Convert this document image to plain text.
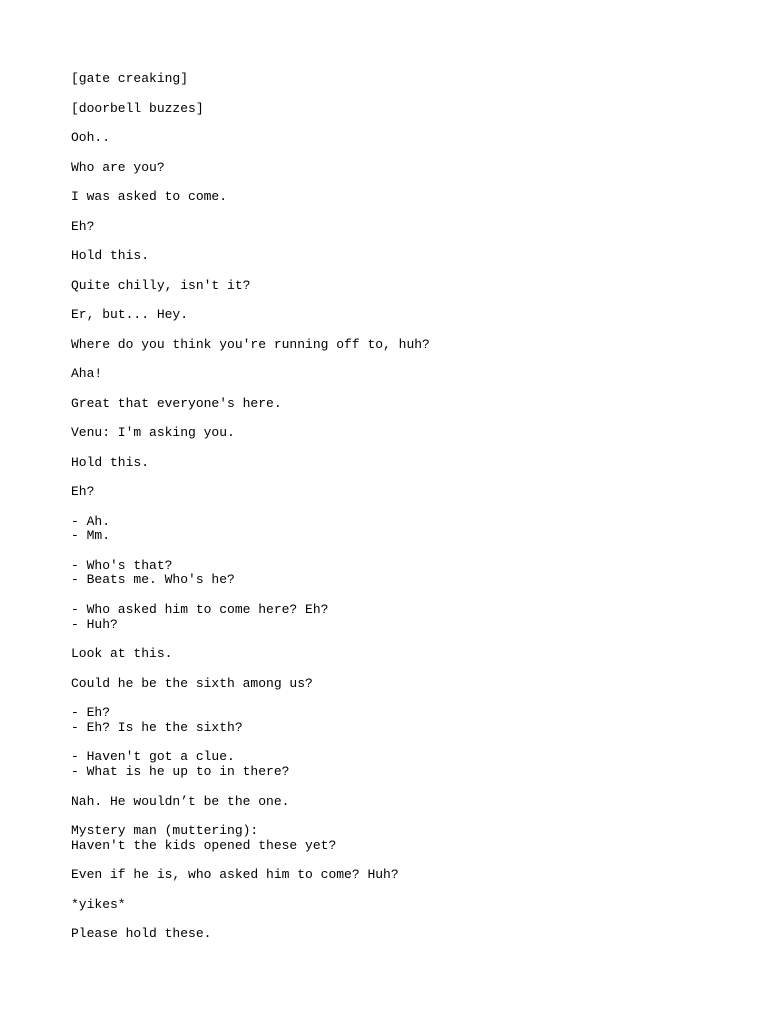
[gate creaking]
[doorbell buzzes]
Ooh..
Who are you?
I was asked to come.
Eh?
Hold this.
Quite chilly, isn't it?
Er, but... Hey.
Where do you think you're running off to, huh?
Aha!
Great that everyone's here.
Venu: I'm asking you.
Hold this.
Eh?
- Ah.
- Mm.
- Who's that?
- Beats me. Who's he?
- Who asked him to come here? Eh?
- Huh?
Look at this.
Could he be the sixth among us?
- Eh?
- Eh? Is he the sixth?
- Haven't got a clue.
- What is he up to in there?
Nah. He wouldn’t be the one.
Mystery man (muttering):
Haven't the kids opened these yet?
Even if he is, who asked him to come? Huh?
*yikes*
Please hold these.
